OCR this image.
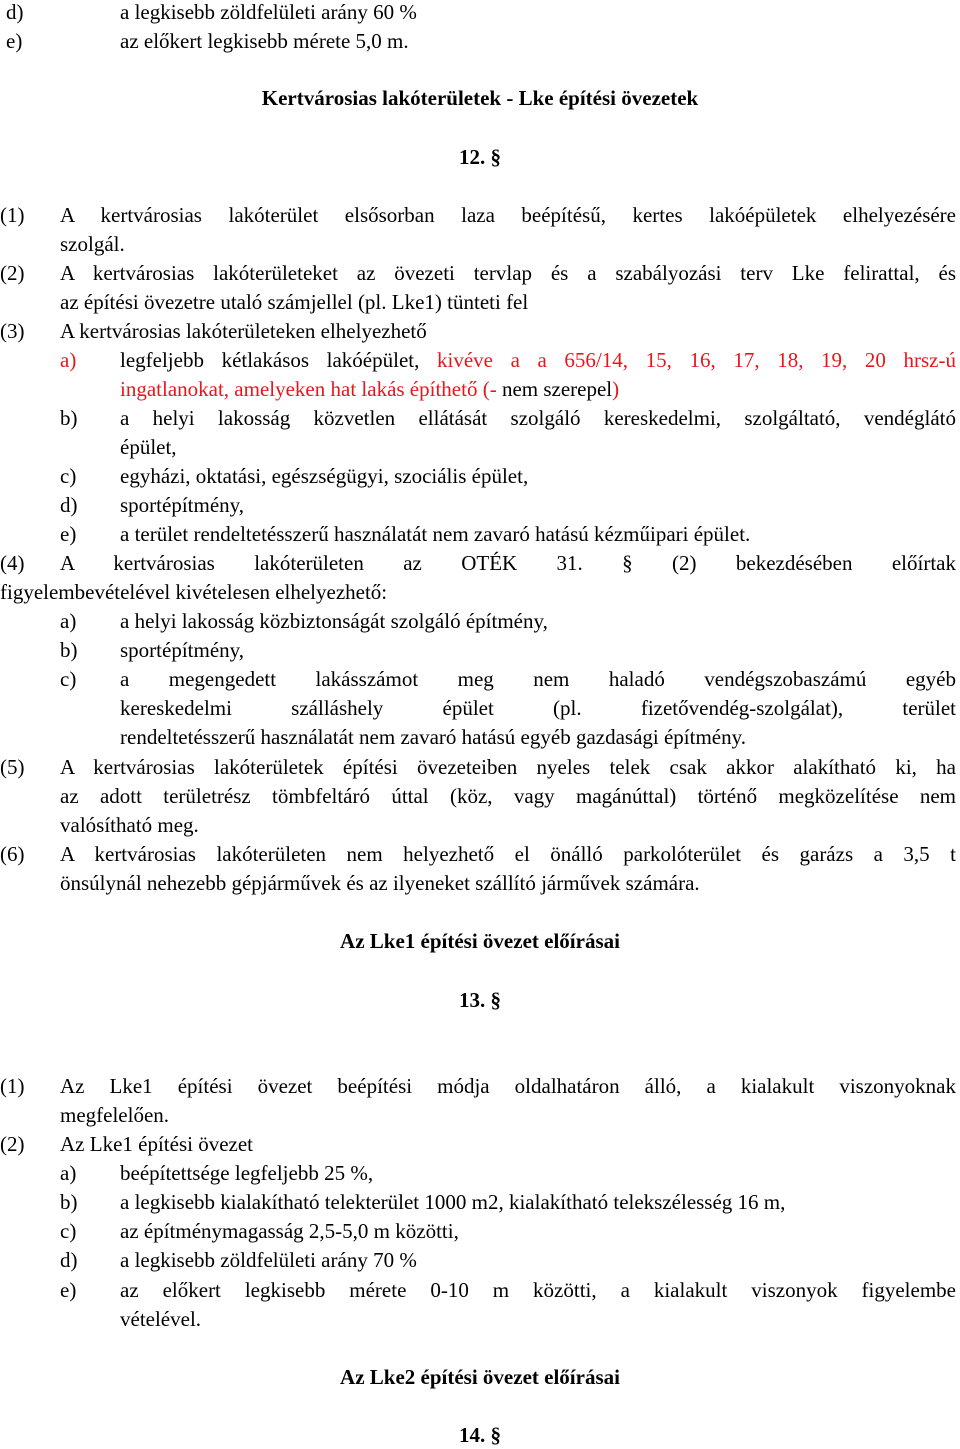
d)	a legkisebb zöldfelületi arány 60 %
e)	az előkert legkisebb mérete 5,0 m.
Kertvárosias lakóterületek - Lke építési övezetek
12. §
(1) A kertvárosias lakóterület elsősorban laza beépítésű, kertes lakóépületek elhelyezésére
szolgál.
(2) A kertvárosias lakóterületeket az övezeti tervlap és a szabályozási terv Lke felirattal, és
az építési övezetre utaló számjellel (pl. Lke1) tünteti fel
(3) A kertvárosias lakóterületeken elhelyezhető
a) legfeljebb kétlakásos lakóépület, kivéve a a 656/14, 15, 16, 17, 18, 19, 20 hrsz-ú
ingatlanokat, amelyeken hat lakás építhető (- nem szerepel)
b) a helyi lakosság közvetlen ellátását szolgáló kereskedelmi, szolgáltató, vendéglátó
épület,
c) egyházi, oktatási, egészségügyi, szociális épület,
d) sportépítmény,
e) a terület rendeltetésszerű használatát nem zavaró hatású kézműipari épület.
(4) A kertvárosias lakóterületen az OTÉK 31. § (2) bekezdésében előírtak
figyelembevételével kivételesen elhelyezhető:
a) a helyi lakosság közbiztonságát szolgáló építmény,
b) sportépítmény,
c) a megengedett lakásszámot meg nem haladó vendégszobaszámú egyéb
kereskedelmi szálláshely épület (pl. fizetővendég-szolgálat), terület
rendeltetésszerű használatát nem zavaró hatású egyéb gazdasági építmény.
(5) A kertvárosias lakóterületek építési övezeteiben nyeles telek csak akkor alakítható ki, ha
az adott területrész tömbfeltáró úttal (köz, vagy magánúttal) történő megközelítése nem
valósítható meg.
(6) A kertvárosias lakóterületen nem helyezhető el önálló parkolóterület és garázs a 3,5 t
önsúlynál nehezebb gépjárművek és az ilyeneket szállító járművek számára.
Az Lke1 építési övezet előírásai
13. §
(1) Az Lke1 építési övezet beépítési módja oldalhatáron álló, a kialakult viszonyoknak
megfelelően.
(2) Az Lke1 építési övezet
a) beépítettsége legfeljebb 25 %,
b) a legkisebb kialakítható telekterület 1000 m2, kialakítható telekszélesség 16 m,
c) az építménymagasság 2,5-5,0 m közötti,
d) a legkisebb zöldfelületi arány 70 %
e) az előkert legkisebb mérete 0-10 m közötti, a kialakult viszonyok figyelembe
vételével.
Az Lke2 építési övezet előírásai
14. §
